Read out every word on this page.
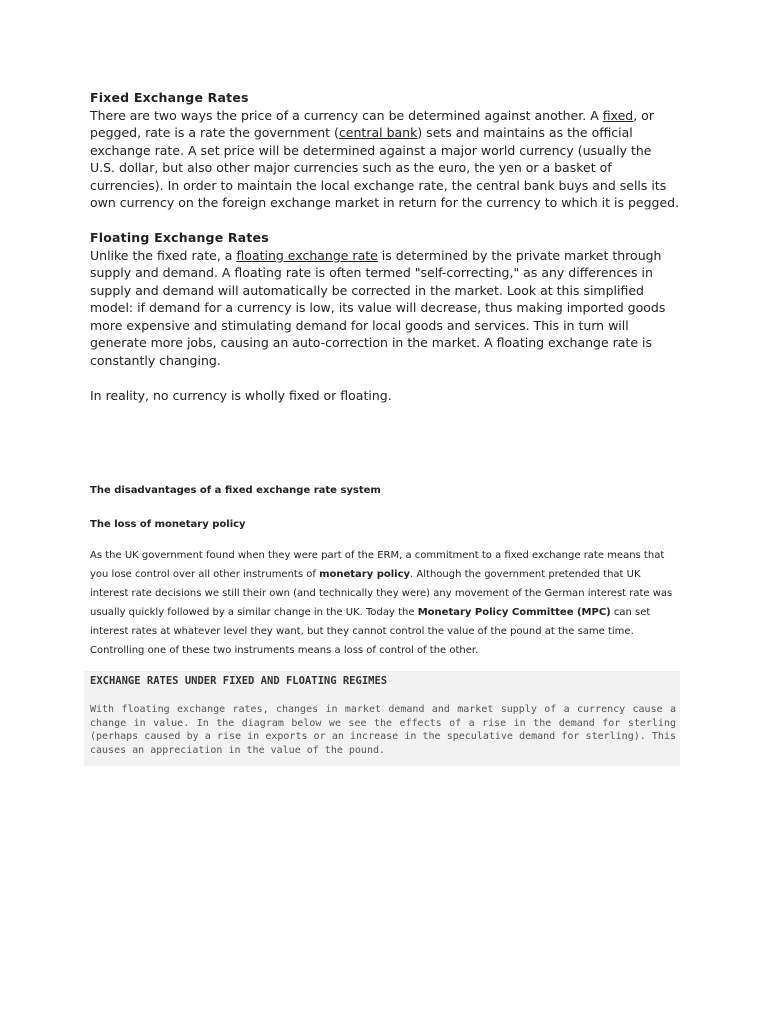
Fixed Exchange Rates
There are two ways the price of a currency can be determined against another. A fixed, or pegged, rate is a rate the government (central bank) sets and maintains as the official exchange rate. A set price will be determined against a major world currency (usually the U.S. dollar, but also other major currencies such as the euro, the yen or a basket of currencies). In order to maintain the local exchange rate, the central bank buys and sells its own currency on the foreign exchange market in return for the currency to which it is pegged.
Floating Exchange Rates
Unlike the fixed rate, a floating exchange rate is determined by the private market through supply and demand. A floating rate is often termed "self-correcting," as any differences in supply and demand will automatically be corrected in the market. Look at this simplified model: if demand for a currency is low, its value will decrease, thus making imported goods more expensive and stimulating demand for local goods and services. This in turn will generate more jobs, causing an auto-correction in the market. A floating exchange rate is constantly changing.
In reality, no currency is wholly fixed or floating.
The disadvantages of a fixed exchange rate system
The loss of monetary policy
As the UK government found when they were part of the ERM, a commitment to a fixed exchange rate means that you lose control over all other instruments of monetary policy. Although the government pretended that UK interest rate decisions we still their own (and technically they were) any movement of the German interest rate was usually quickly followed by a similar change in the UK. Today the Monetary Policy Committee (MPC) can set interest rates at whatever level they want, but they cannot control the value of the pound at the same time. Controlling one of these two instruments means a loss of control of the other.
EXCHANGE RATES UNDER FIXED AND FLOATING REGIMES
With floating exchange rates, changes in market demand and market supply of a currency cause a change in value. In the diagram below we see the effects of a rise in the demand for sterling (perhaps caused by a rise in exports or an increase in the speculative demand for sterling). This causes an appreciation in the value of the pound.
